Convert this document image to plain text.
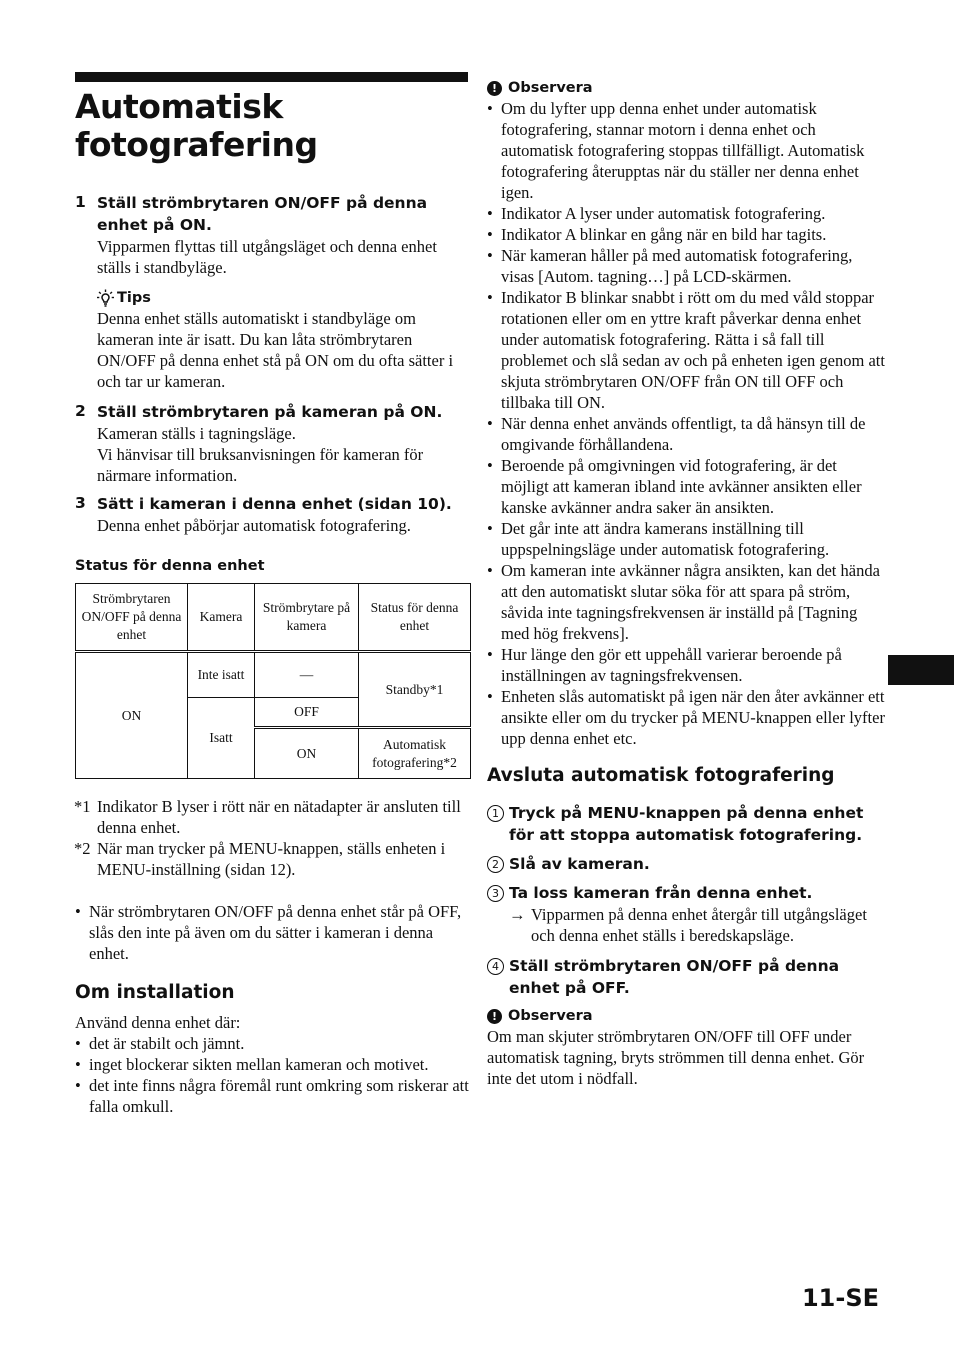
Automatisk
fotografering
1 Ställ strömbrytaren ON/OFF på denna enhet på ON.
Vipparmen flyttas till utgångsläget och denna enhet ställs i standbyläge.
Tips
Denna enhet ställs automatiskt i standbyläge om kameran inte är isatt. Du kan låta strömbrytaren ON/OFF på denna enhet stå på ON om du ofta sätter i och tar ur kameran.
2 Ställ strömbrytaren på kameran på ON.
Kameran ställs i tagningsläge.
Vi hänvisar till bruksanvisningen för kameran för närmare information.
3 Sätt i kameran i denna enhet (sidan 10).
Denna enhet påbörjar automatisk fotografering.
Status för denna enhet
Strömbrytaren ON/OFF på denna enhet	Kamera	Strömbrytare på kamera	Status för denna enhet
ON	Inte isatt	—	Standby*1
	Isatt	OFF	
		ON	Automatisk fotografering*2
*1 Indikator B lyser i rött när en nätadapter är ansluten till denna enhet.
*2 När man trycker på MENU-knappen, ställs enheten i MENU-inställning (sidan 12).
• När strömbrytaren ON/OFF på denna enhet står på OFF, slås den inte på även om du sätter i kameran i denna enhet.
Om installation
Använd denna enhet där:
• det är stabilt och jämnt.
• inget blockerar sikten mellan kameran och motivet.
• det inte finns några föremål runt omkring som riskerar att falla omkull.
! Observera
• Om du lyfter upp denna enhet under automatisk fotografering, stannar motorn i denna enhet och automatisk fotografering stoppas tillfälligt. Automatisk fotografering återupptas när du ställer ner denna enhet igen.
• Indikator A lyser under automatisk fotografering.
• Indikator A blinkar en gång när en bild har tagits.
• När kameran håller på med automatisk fotografering, visas [Autom. tagning…] på LCD-skärmen.
• Indikator B blinkar snabbt i rött om du med våld stoppar rotationen eller om en yttre kraft påverkar denna enhet under automatisk fotografering. Rätta i så fall till problemet och slå sedan av och på enheten igen genom att skjuta strömbrytaren ON/OFF från ON till OFF och tillbaka till ON.
• När denna enhet används offentligt, ta då hänsyn till de omgivande förhållandena.
• Beroende på omgivningen vid fotografering, är det möjligt att kameran ibland inte avkänner ansikten eller kanske avkänner andra saker än ansikten.
• Det går inte att ändra kamerans inställning till uppspelningsläge under automatisk fotografering.
• Om kameran inte avkänner några ansikten, kan det hända att den automatiskt slutar söka för att spara på ström, såvida inte tagningsfrekvensen är inställd på [Tagning med hög frekvens].
• Hur länge den gör ett uppehåll varierar beroende på inställningen av tagningsfrekvensen.
• Enheten slås automatiskt på igen när den åter avkänner ett ansikte eller om du trycker på MENU-knappen eller lyfter upp denna enhet etc.
Avsluta automatisk fotografering
1 Tryck på MENU-knappen på denna enhet för att stoppa automatisk fotografering.
2 Slå av kameran.
3 Ta loss kameran från denna enhet.
→ Vipparmen på denna enhet återgår till utgångsläget och denna enhet ställs i beredskapsläge.
4 Ställ strömbrytaren ON/OFF på denna enhet på OFF.
! Observera
Om man skjuter strömbrytaren ON/OFF till OFF under automatisk tagning, bryts strömmen till denna enhet. Gör inte det utom i nödfall.
11-SE
